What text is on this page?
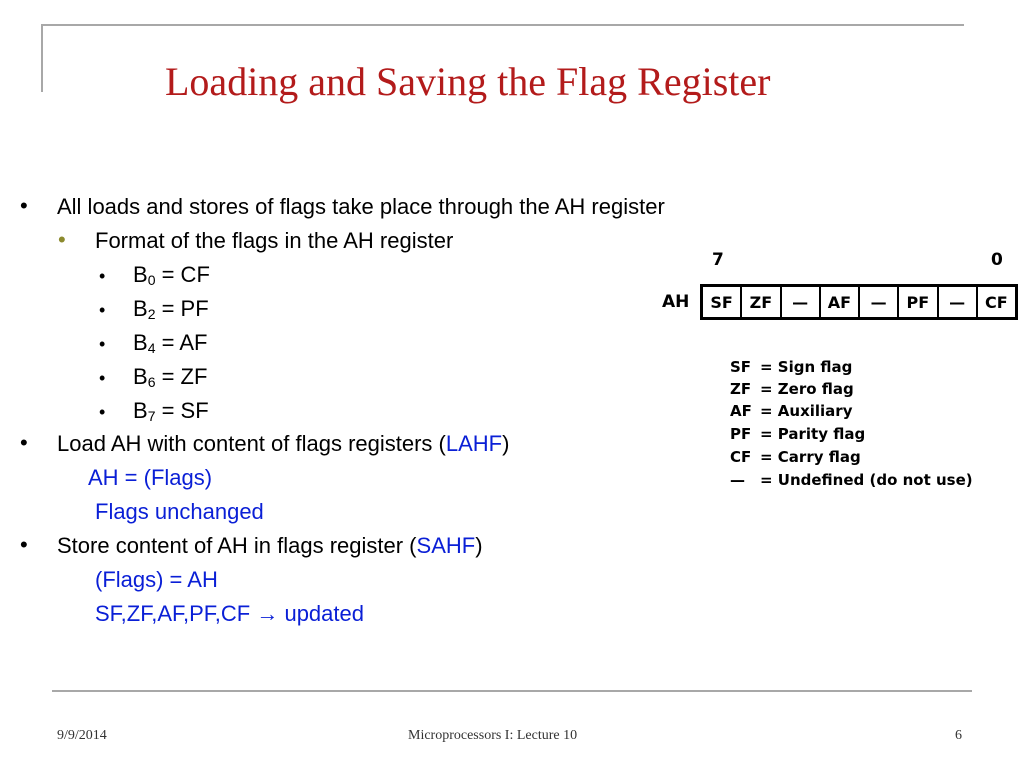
Loading and Saving the Flag Register
• All loads and stores of flags take place through the AH register
• Format of the flags in the AH register
• $B_0$ = CF
• $B_2$ = PF
• $B_4$ = AF
• $B_6$ = ZF
• $B_7$ = SF
• Load AH with content of flags registers (LAHF)
AH = (Flags)
Flags unchanged
• Store content of AH in flags register (SAHF)
(Flags) = AH
SF,ZF,AF,PF,CF → updated
7	0
AH	SF	ZF	—	AF	—	PF	—	CF
SF = Sign flag
ZF = Zero flag
AF = Auxiliary
PF = Parity flag
CF = Carry flag
— = Undefined (do not use)
9/9/2014	Microprocessors I: Lecture 10	6
